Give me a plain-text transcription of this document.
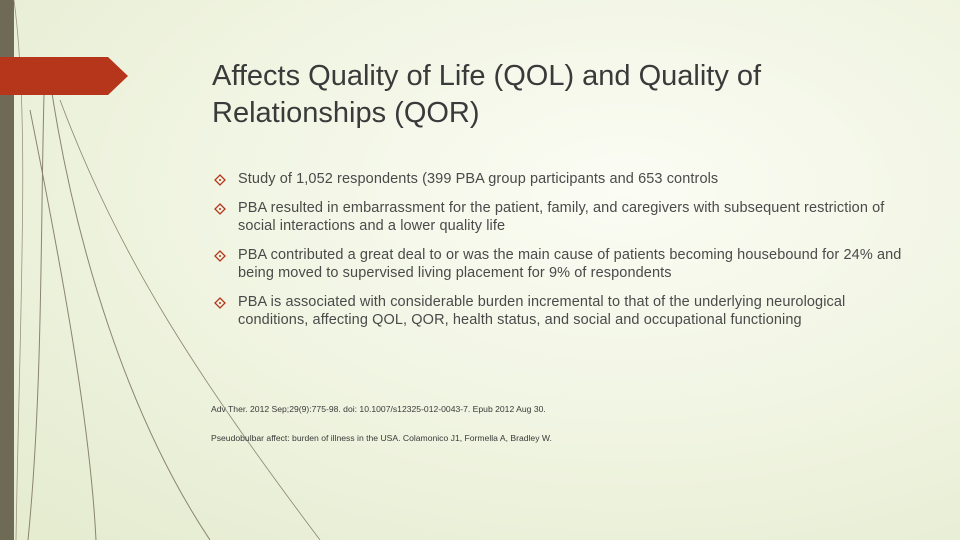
Affects Quality of Life (QOL) and Quality of Relationships (QOR)
Study of 1,052 respondents (399 PBA group participants and 653 controls
PBA resulted in embarrassment for the patient, family, and caregivers with subsequent restriction of social interactions and a lower quality life
PBA contributed a great deal to or was the main cause of patients becoming housebound for 24% and being moved to supervised living placement for 9% of respondents
PBA is associated with considerable burden incremental to that of the underlying neurological conditions, affecting QOL, QOR, health status, and social and occupational functioning

Adv Ther. 2012 Sep;29(9):775-98. doi: 10.1007/s12325-012-0043-7. Epub 2012 Aug 30.

Pseudobulbar affect: burden of illness in the USA. Colamonico J1, Formella A, Bradley W.
